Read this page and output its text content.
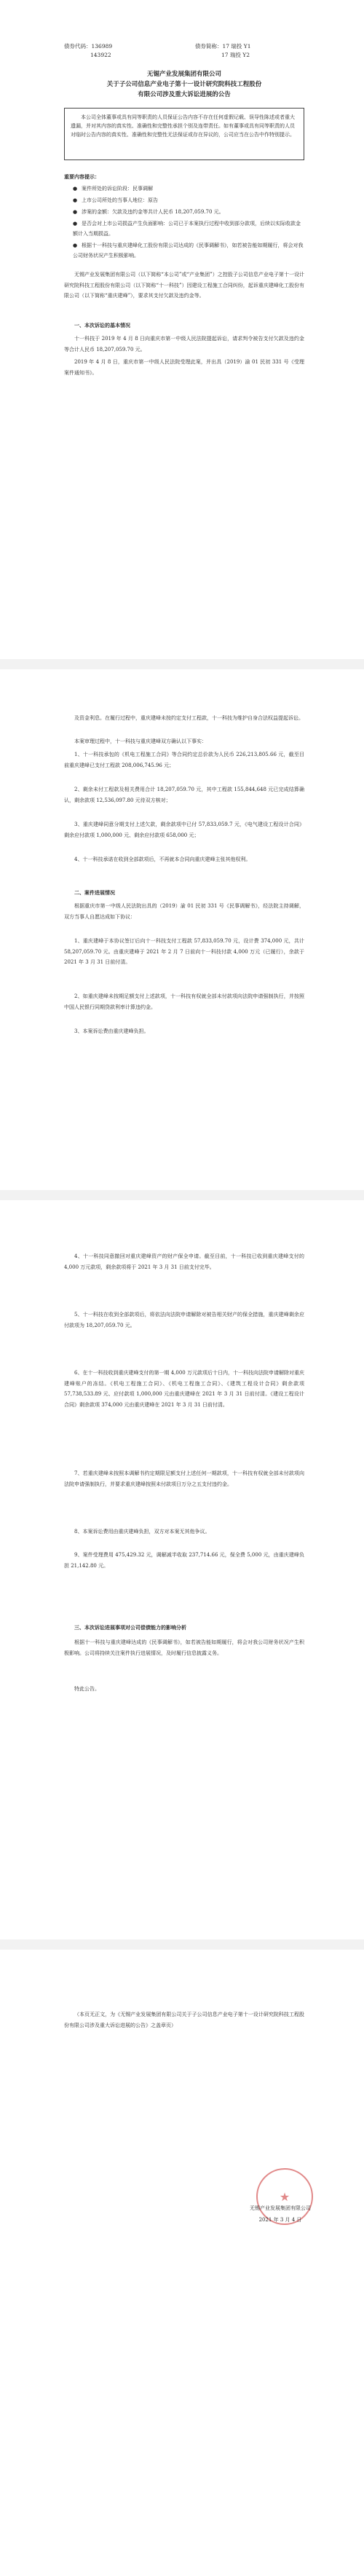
债券代码：136989
143922
债券简称：17 瑞投 Y1
17 瑞投 Y2
无锡产业发展集团有限公司
关于子公司信息产业电子第十一设计研究院科技工程股份
有限公司涉及重大诉讼进展的公告
本公司全体董事或具有同等职责的人员保证公告内容不存在任何虚假记载、误导性陈述或者重大遗漏，并对其内容的真实性、准确性和完整性承担个别及连带责任。如有董事或具有同等职责的人员对临时公告内容的真实性、准确性和完整性无法保证或存在异议的，公司应当在公告中作特别提示。
重要内容提示：
● 案件所处的诉讼阶段：民事调解
● 上市公司所处的当事人地位：原告
● 涉案的金额：欠款及违约金等共计人民币 18,207,059.70 元。
● 是否会对上市公司损益产生负面影响：公司已于本案执行过程中收到部分款项，后续以实际收款金额计入当期损益。
● 根据十一科技与重庆建峰化工股份有限公司达成的《民事调解书》，如若被告能如期履行，将会对我公司财务状况产生积极影响。
无锡产业发展集团有限公司（以下简称“本公司”或“产业集团”）之控股子公司信息产业电子第十一设计研究院科技工程股份有限公司（以下简称“十一科技”）因建设工程施工合同纠纷，起诉重庆建峰化工股份有限公司（以下简称“重庆建峰”），要求其支付欠款及违约金等。
一、本次诉讼的基本情况
十一科技于 2019 年 4 月 8 日向重庆市第一中级人民法院提起诉讼，请求判令被告支付欠款及违约金等合计人民币 18,207,059.70 元。
2019 年 4 月 8 日，重庆市第一中级人民法院受理此案，并出具（2019）渝 01 民初 331 号《受理案件通知书》。
及资金利息。在履行过程中，重庆建峰未按约定支付工程款，十一科技为维护自身合法权益提起诉讼。
本案审理过程中，十一科技与重庆建峰双方确认以下事实：
1、十一科技承包的《机电工程施工合同》等合同约定总价款为人民币 226,213,805.66 元，截至目前重庆建峰已支付工程款 208,006,745.96 元；
2、剩余未付工程款及相关费用合计 18,207,059.70 元，其中工程款 155,844,648 元已完成结算确认，剩余款项 12,536,097.80 元待双方核对；
3、重庆建峰同意分期支付上述欠款，剩余款项中已付 57,833,059.7 元，《电气建设工程设计合同》剩余应付款项 1,000,000 元、剩余应付款项 658,000 元；
4、十一科技承诺在收到全部款项后，不再就本合同向重庆建峰主张其他权利。
二、案件进展情况
根据重庆市第一中级人民法院出具的（2019）渝 01 民初 331 号《民事调解书》，经法院主持调解，双方当事人自愿达成如下协议：
1、重庆建峰于本协议签订后向十一科技支付工程款 57,833,059.70 元，设计费 374,000 元，共计 58,207,059.70 元。由重庆建峰于 2021 年 2 月 7 日前向十一科技付款 4,000 万元（已履行），余款于 2021 年 3 月 31 日前付清。
2、如重庆建峰未按期足额支付上述款项，十一科技有权就全部未付款项向法院申请强制执行，并按照中国人民银行同期贷款利率计算违约金。
3、本案诉讼费由重庆建峰负担。
4、十一科技同意撤回对重庆建峰资产的财产保全申请。截至目前，十一科技已收到重庆建峰支付的 4,000 万元款项，剩余款项将于 2021 年 3 月 31 日前支付完毕。
5、十一科技在收到全部款项后，将依法向法院申请解除对被告相关财产的保全措施，重庆建峰剩余应付款项为 18,207,059.70 元。
6、在十一科技收到重庆建峰支付的第一期 4,000 万元款项后十日内，十一科技向法院申请解除对重庆建峰账户的冻结。《机电工程施工合同》、《机电工程施工合同》、《建筑工程设计合同》剩余款项 57,738,533.89 元、应付款项 1,000,000 元由重庆建峰在 2021 年 3 月 31 日前付清。《建设工程设计合同》剩余款项 374,000 元由重庆建峰在 2021 年 3 月 31 日前付清。
7、若重庆建峰未按照本调解书约定期限足额支付上述任何一期款项，十一科技有权就全部未付款项向法院申请强制执行，并要求重庆建峰按照未付款项日万分之五支付违约金。
8、本案诉讼费用由重庆建峰负担，双方对本案无其他争议。
9、案件受理费用 475,429.32 元，调解减半收取 237,714.66 元，保全费 5,000 元，由重庆建峰负担 21,142.80 元。
三、本次诉讼进展事项对公司偿债能力的影响分析
根据十一科技与重庆建峰达成的《民事调解书》，如若被告能如期履行，将会对我公司财务状况产生积极影响。公司将持续关注案件执行进展情况，及时履行信息披露义务。
特此公告。
（本页无正文，为《无锡产业发展集团有限公司关于子公司信息产业电子第十一设计研究院科技工程股份有限公司涉及重大诉讼进展的公告》之盖章页）
★
无锡产业发展集团有限公司
2021 年 3 月 4 日
